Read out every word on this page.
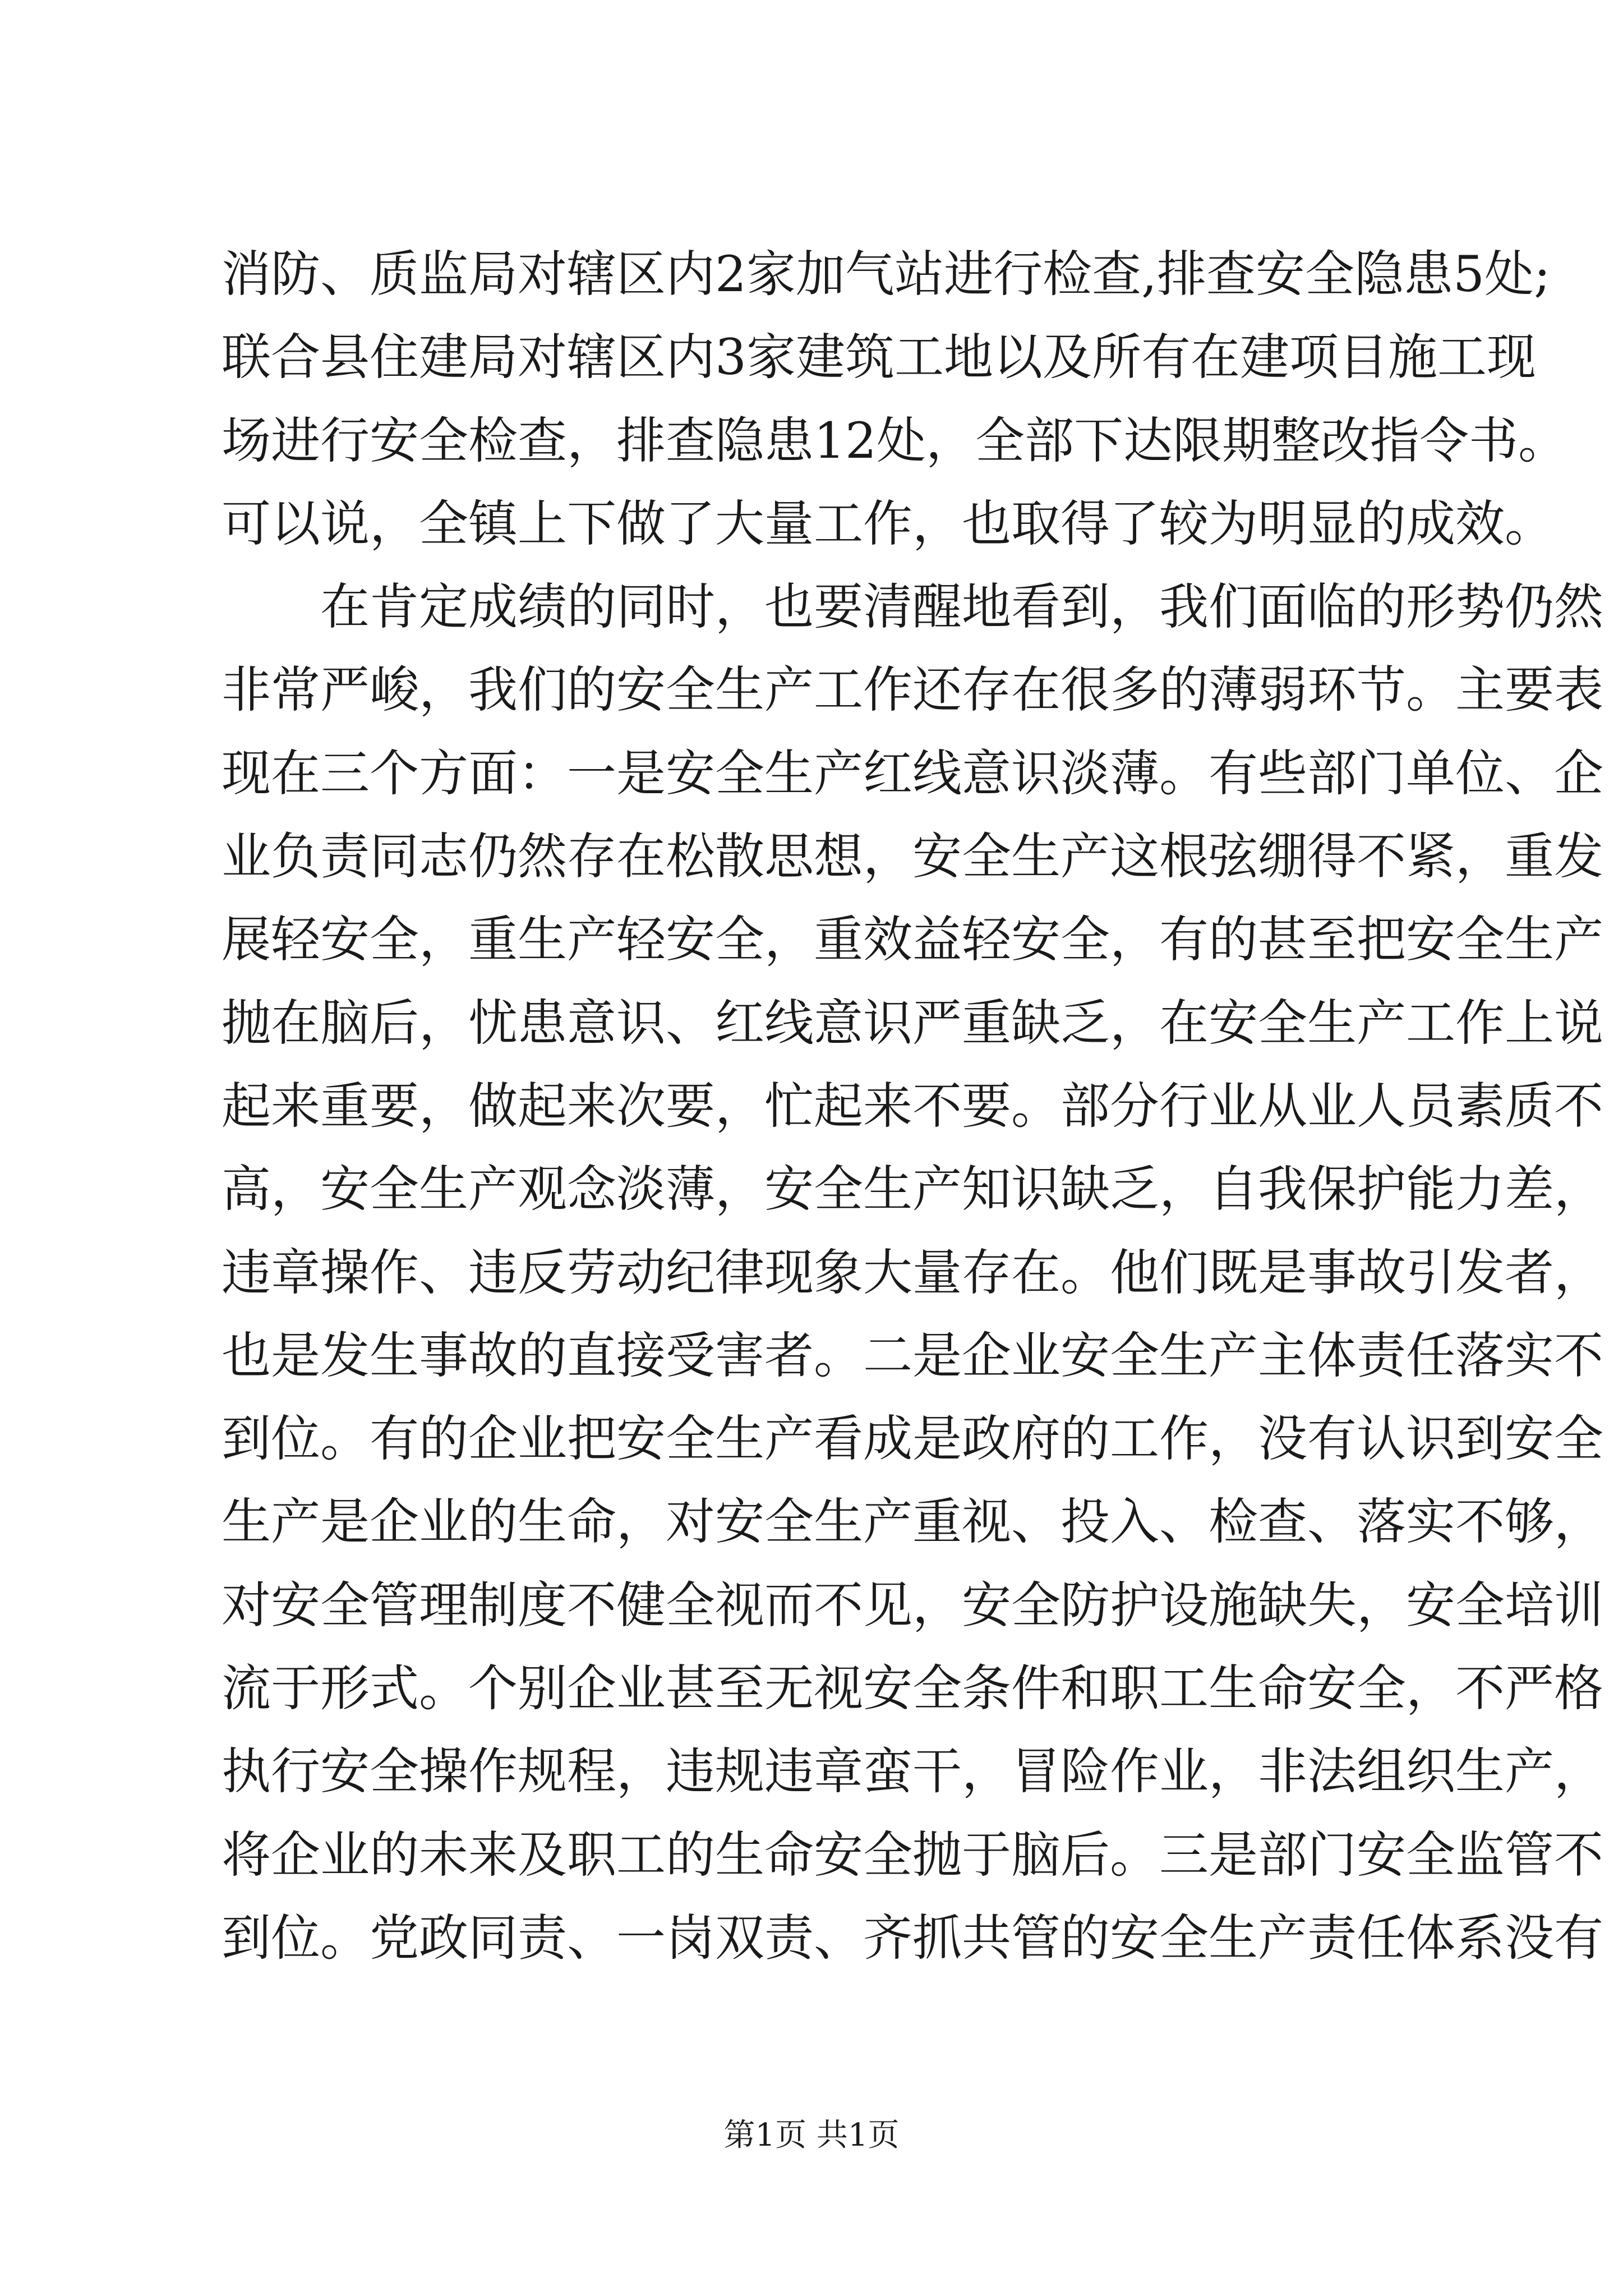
消防、质监局对辖区内2家加气站进行检查,排查安全隐患5处;
联合县住建局对辖区内3家建筑工地以及所有在建项目施工现
场进行安全检查，排查隐患12处，全部下达限期整改指令书。
可以说，全镇上下做了大量工作，也取得了较为明显的成效。
在肯定成绩的同时，也要清醒地看到，我们面临的形势仍然
非常严峻，我们的安全生产工作还存在很多的薄弱环节。主要表
现在三个方面：一是安全生产红线意识淡薄。有些部门单位、企
业负责同志仍然存在松散思想，安全生产这根弦绷得不紧，重发
展轻安全，重生产轻安全，重效益轻安全，有的甚至把安全生产
抛在脑后，忧患意识、红线意识严重缺乏，在安全生产工作上说
起来重要，做起来次要，忙起来不要。部分行业从业人员素质不
高，安全生产观念淡薄，安全生产知识缺乏，自我保护能力差，
违章操作、违反劳动纪律现象大量存在。他们既是事故引发者，
也是发生事故的直接受害者。二是企业安全生产主体责任落实不
到位。有的企业把安全生产看成是政府的工作，没有认识到安全
生产是企业的生命，对安全生产重视、投入、检查、落实不够，
对安全管理制度不健全视而不见，安全防护设施缺失，安全培训
流于形式。个别企业甚至无视安全条件和职工生命安全，不严格
执行安全操作规程，违规违章蛮干，冒险作业，非法组织生产，
将企业的未来及职工的生命安全抛于脑后。三是部门安全监管不
到位。党政同责、一岗双责、齐抓共管的安全生产责任体系没有
第1页 共1页
